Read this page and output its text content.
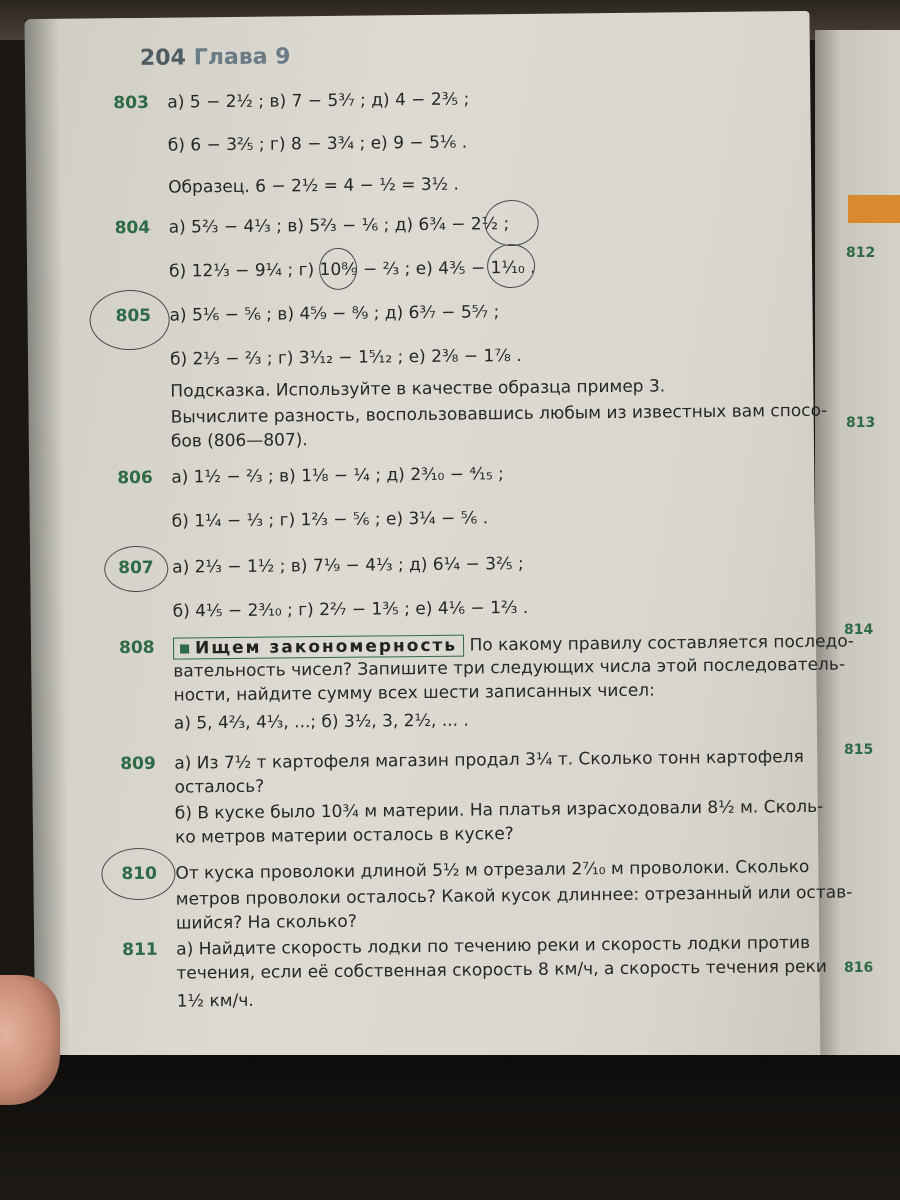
204 Глава 9
803 а) 5 − 2½ ; в) 7 − 5³⁄₇ ; д) 4 − 2³⁄₅ ;
б) 6 − 3²⁄₅ ; г) 8 − 3³⁄₄ ; е) 9 − 5⅙ .
Образец. 6 − 2½ = 4 − ½ = 3½ .
804 а) 5²⁄₃ − 4⅓ ; в) 5²⁄₃ − ⅙ ; д) 6¾ − 2½ ;
б) 12⅓ − 9¼ ; г) 10⁸⁄₉ − ⅔ ; е) 4³⁄₅ − 1⅒ .
805 а) 5⅙ − ⁵⁄₆ ; в) 4⁵⁄₉ − ⁸⁄₉ ; д) 6³⁄₇ − 5⁵⁄₇ ;
б) 2⅓ − ⅔ ; г) 3¹⁄₁₂ − 1⁵⁄₁₂ ; е) 2⅜ − 1⅞ .
Подсказка. Используйте в качестве образца пример 3.
Вычислите разность, воспользовавшись любым из известных вам спосо-
бов (806—807).
806 а) 1½ − ⅔ ; в) 1⅛ − ¼ ; д) 2³⁄₁₀ − ⁴⁄₁₅ ;
б) 1¼ − ⅓ ; г) 1⅔ − ⅚ ; е) 3¼ − ⅚ .
807 а) 2⅓ − 1½ ; в) 7⅑ − 4⅓ ; д) 6¼ − 3⅖ ;
б) 4⅕ − 2³⁄₁₀ ; г) 2²⁄₇ − 1⅗ ; е) 4⅙ − 1⅔ .
808	Ищем закономерность По какому правилу составляется последо-
вательность чисел? Запишите три следующих числа этой последователь-
ности, найдите сумму всех шести записанных чисел:
а) 5, 4⅔, 4⅓, ...; б) 3½, 3, 2½, ... .
809 а) Из 7½ т картофеля магазин продал 3¼ т. Сколько тонн картофеля
осталось?
б) В куске было 10¾ м материи. На платья израсходовали 8½ м. Сколь-
ко метров материи осталось в куске?
810 От куска проволоки длиной 5½ м отрезали 2⁷⁄₁₀ м проволоки. Сколько
метров проволоки осталось? Какой кусок длиннее: отрезанный или остав-
шийся? На сколько?
811 а) Найдите скорость лодки по течению реки и скорость лодки против
течения, если её собственная скорость 8 км/ч, а скорость течения реки
1½ км/ч.
812
813
814
815
816
